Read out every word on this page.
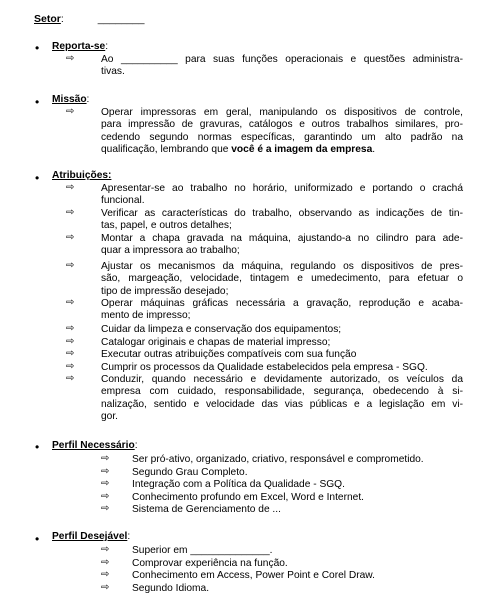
Setor:	________
• Reporta-se:
⇨	Ao __________ para suas funções operacionais e questões administra-
tivas.
• Missão:
⇨	Operar impressoras em geral, manipulando os dispositivos de controle,
para impressão de gravuras, catálogos e outros trabalhos similares, pro-
cedendo segundo normas específicas, garantindo um alto padrão na
qualificação, lembrando que você é a imagem da empresa.
• Atribuições:
⇨	Apresentar-se ao trabalho no horário, uniformizado e portando o crachá
funcional.
⇨	Verificar as características do trabalho, observando as indicações de tin-
tas, papel, e outros detalhes;
⇨	Montar a chapa gravada na máquina, ajustando-a no cilindro para ade-
quar a impressora ao trabalho;
⇨	Ajustar os mecanismos da máquina, regulando os dispositivos de pres-
são, margeação, velocidade, tintagem e umedecimento, para efetuar o
tipo de impressão desejado;
⇨	Operar máquinas gráficas necessária a gravação, reprodução e acaba-
mento de impresso;
⇨	Cuidar da limpeza e conservação dos equipamentos;
⇨	Catalogar originais e chapas de material impresso;
⇨	Executar outras atribuições compatíveis com sua função
⇨	Cumprir os processos da Qualidade estabelecidos pela empresa - SGQ.
⇨	Conduzir, quando necessário e devidamente autorizado, os veículos da
empresa com cuidado, responsabilidade, segurança, obedecendo à si-
nalização, sentido e velocidade das vias públicas e a legislação em vi-
gor.
• Perfil Necessário:
⇨ Ser pró-ativo, organizado, criativo, responsável e comprometido.
⇨ Segundo Grau Completo.
⇨ Integração com a Política da Qualidade - SGQ.
⇨ Conhecimento profundo em Excel, Word e Internet.
⇨ Sistema de Gerenciamento de ...
• Perfil Desejável:
⇨ Superior em ______________.
⇨ Comprovar experiência na função.
⇨ Conhecimento em Access, Power Point e Corel Draw.
⇨ Segundo Idioma.
